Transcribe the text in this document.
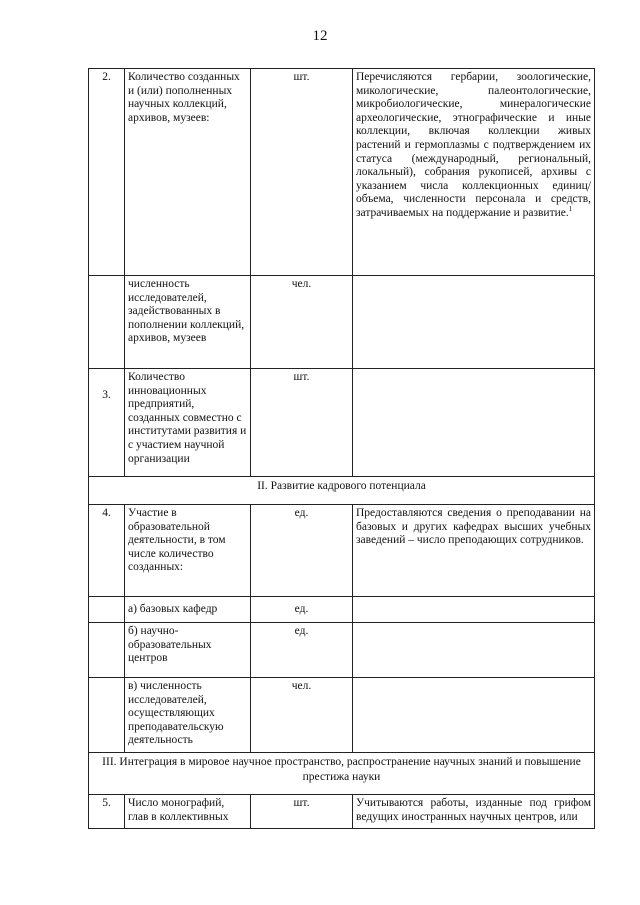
12
2.	Количество созданных и (или) пополненных научных коллекций, архивов, музеев:	шт.	Перечисляются гербарии, зоологические, микологические, палеонтологические, микробиологические, минералогические археологические, этнографические и иные коллекции, включая коллекции живых растений и гермоплазмы с подтверждением их статуса (международный, региональный, локальный), собрания рукописей, архивы с указанием числа коллекционных единиц/объема, численности персонала и средств, затрачиваемых на поддержание и развитие.$^1$
	численность исследователей, задействованных в пополнении коллекций, архивов, музеев	чел.	
3.	Количество инновационных предприятий, созданных совместно с институтами развития и с участием научной организации	шт.	
II. Развитие кадрового потенциала			
4.	Участие в образовательной деятельности, в том числе количество созданных:	ед.	Предоставляются сведения о преподавании на базовых и других кафедрах высших учебных заведений – число преподающих сотрудников.
	а) базовых кафедр	ед.	
	б) научно-образовательных центров	ед.	
	в) численность исследователей, осуществляющих преподавательскую деятельность	чел.	
III. Интеграция в мировое научное пространство, распространение научных знаний и повышение престижа науки			
5.	Число монографий, глав в коллективных	шт.	Учитываются работы, изданные под грифом ведущих иностранных научных центров, или
